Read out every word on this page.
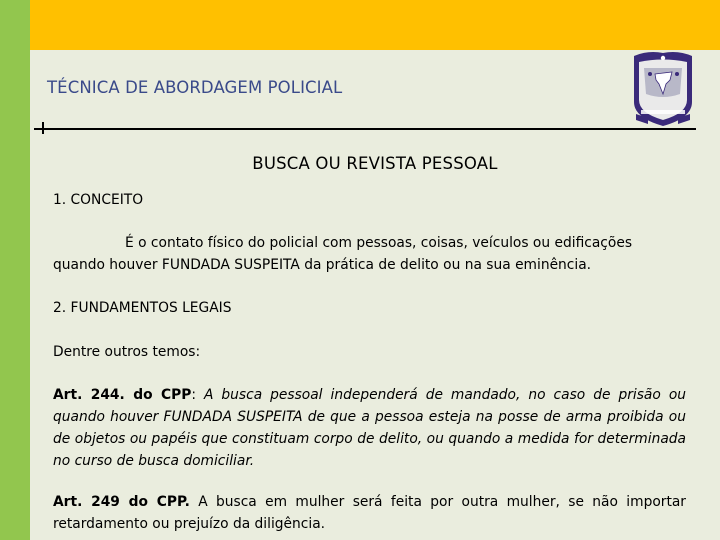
TÉCNICA DE ABORDAGEM POLICIAL
BUSCA OU REVISTA PESSOAL

1. CONCEITO

É o contato físico do policial com pessoas, coisas, veículos ou edificações quando houver FUNDADA SUSPEITA da prática de delito ou na sua eminência.

2. FUNDAMENTOS LEGAIS

Dentre outros temos:

Art. 244. do CPP: A busca pessoal independerá de mandado, no caso de prisão ou quando houver FUNDADA SUSPEITA de que a pessoa esteja na posse de arma proibida ou de objetos ou papéis que constituam corpo de delito, ou quando a medida for determinada no curso de busca domiciliar.

Art. 249 do CPP. A busca em mulher será feita por outra mulher, se não importar retardamento ou prejuízo da diligência.
